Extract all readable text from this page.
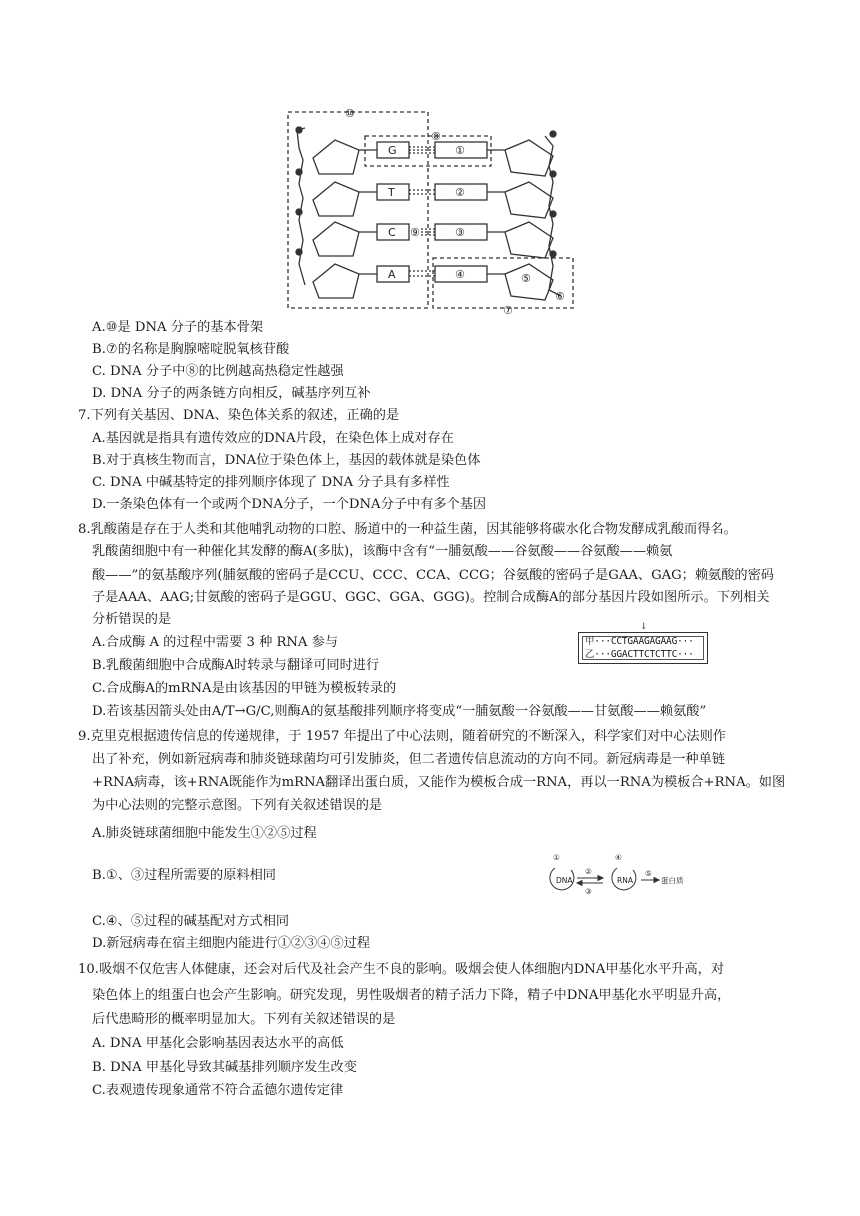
⑩
⑧
①
②
③
④	⑤
⑥
⑦
⑨
G
T
C
A
A.⑩是 DNA 分子的基本骨架
B.⑦的名称是胸腺嘧啶脱氧核苷酸
C. DNA 分子中⑧的比例越高热稳定性越强
D. DNA 分子的两条链方向相反，碱基序列互补
7.下列有关基因、DNA、染色体关系的叙述，正确的是
A.基因就是指具有遗传效应的DNA片段，在染色体上成对存在
B.对于真核生物而言，DNA位于染色体上，基因的载体就是染色体
C. DNA 中碱基特定的排列顺序体现了 DNA 分子具有多样性
D.一条染色体有一个或两个DNA分子，一个DNA分子中有多个基因
8.乳酸菌是存在于人类和其他哺乳动物的口腔、肠道中的一种益生菌，因其能够将碳水化合物发酵成乳酸而得名。
乳酸菌细胞中有一种催化其发酵的酶A(多肽)，该酶中含有“一脯氨酸——谷氨酸——谷氨酸——赖氨
酸——”的氨基酸序列(脯氨酸的密码子是CCU、CCC、CCA、CCG；谷氨酸的密码子是GAA、GAG；赖氨酸的密码
子是AAA、AAG;甘氨酸的密码子是GGU、GGC、GGA、GGG)。控制合成酶A的部分基因片段如图所示。下列相关
分析错误的是
A.合成酶 A 的过程中需要 3 种 RNA 参与
B.乳酸菌细胞中合成酶A时转录与翻译可同时进行
C.合成酶A的mRNA是由该基因的甲链为模板转录的
D.若该基因箭头处由A/T→G/C,则酶A的氨基酸排列顺序将变成“一脯氨酸一谷氨酸——甘氨酸——赖氨酸”
↓
甲···CCTGAAGAGAAG···
乙···GGACTTCTCTTC···
9.克里克根据遗传信息的传递规律，于 1957 年提出了中心法则，随着研究的不断深入，科学家们对中心法则作
出了补充，例如新冠病毒和肺炎链球菌均可引发肺炎，但二者遗传信息流动的方向不同。新冠病毒是一种单链
+RNA病毒，该+RNA既能作为mRNA翻译出蛋白质，又能作为模板合成一RNA，再以一RNA为模板合+RNA。如图
为中心法则的完整示意图。下列有关叙述错误的是
A.肺炎链球菌细胞中能发生①②⑤过程
B.①、③过程所需要的原料相同
C.④、⑤过程的碱基配对方式相同
D.新冠病毒在宿主细胞内能进行①②③④⑤过程
DNA	RNA	蛋白质
①
②
③
④
⑤
10.吸烟不仅危害人体健康，还会对后代及社会产生不良的影响。吸烟会使人体细胞内DNA甲基化水平升高，对
染色体上的组蛋白也会产生影响。研究发现，男性吸烟者的精子活力下降，精子中DNA甲基化水平明显升高，
后代患畸形的概率明显加大。下列有关叙述错误的是
A. DNA 甲基化会影响基因表达水平的高低
B. DNA 甲基化导致其碱基排列顺序发生改变
C.表观遗传现象通常不符合孟德尔遗传定律
